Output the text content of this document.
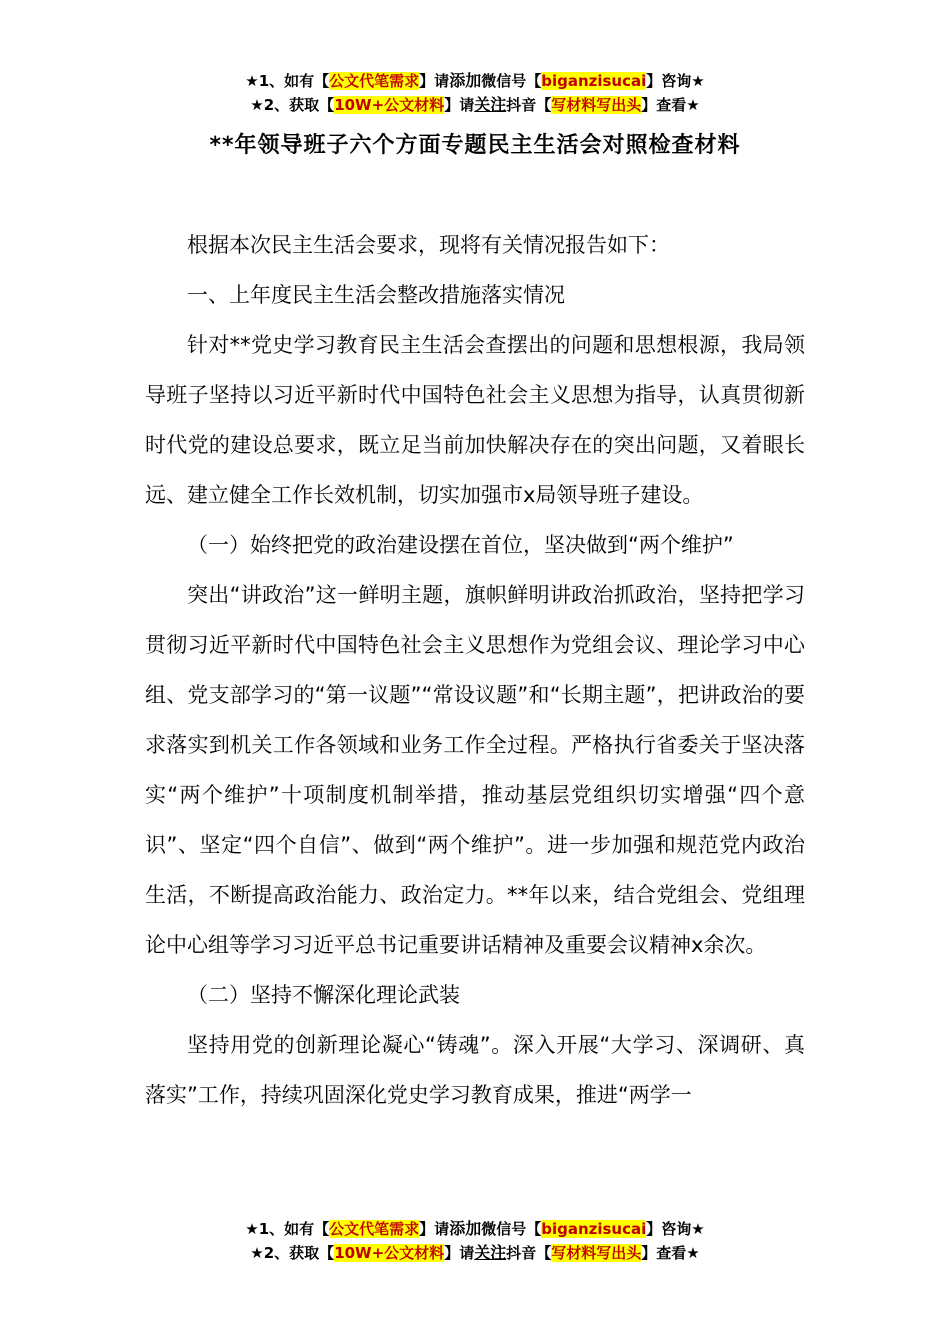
★1、如有【公文代笔需求】请添加微信号【biganzisucai】咨询★
★2、获取【10W+公文材料】请关注抖音【写材料写出头】查看★
**年领导班子六个方面专题民主生活会对照检查材料

根据本次民主生活会要求，现将有关情况报告如下：

一、上年度民主生活会整改措施落实情况

针对**党史学习教育民主生活会查摆出的问题和思想根源，我局领导班子坚持以习近平新时代中国特色社会主义思想为指导，认真贯彻新时代党的建设总要求，既立足当前加快解决存在的突出问题，又着眼长远、建立健全工作长效机制，切实加强市x局领导班子建设。

（一）始终把党的政治建设摆在首位，坚决做到“两个维护”

突出“讲政治”这一鲜明主题，旗帜鲜明讲政治抓政治，坚持把学习贯彻习近平新时代中国特色社会主义思想作为党组会议、理论学习中心组、党支部学习的“第一议题”“常设议题”和“长期主题”，把讲政治的要求落实到机关工作各领域和业务工作全过程。严格执行省委关于坚决落实“两个维护”十项制度机制举措，推动基层党组织切实增强“四个意识”、坚定“四个自信”、做到“两个维护”。进一步加强和规范党内政治生活，不断提高政治能力、政治定力。**年以来，结合党组会、党组理论中心组等学习习近平总书记重要讲话精神及重要会议精神x余次。

（二）坚持不懈深化理论武装

坚持用党的创新理论凝心“铸魂”。深入开展“大学习、深调研、真落实”工作，持续巩固深化党史学习教育成果，推进“两学一

★1、如有【公文代笔需求】请添加微信号【biganzisucai】咨询★
★2、获取【10W+公文材料】请关注抖音【写材料写出头】查看★
